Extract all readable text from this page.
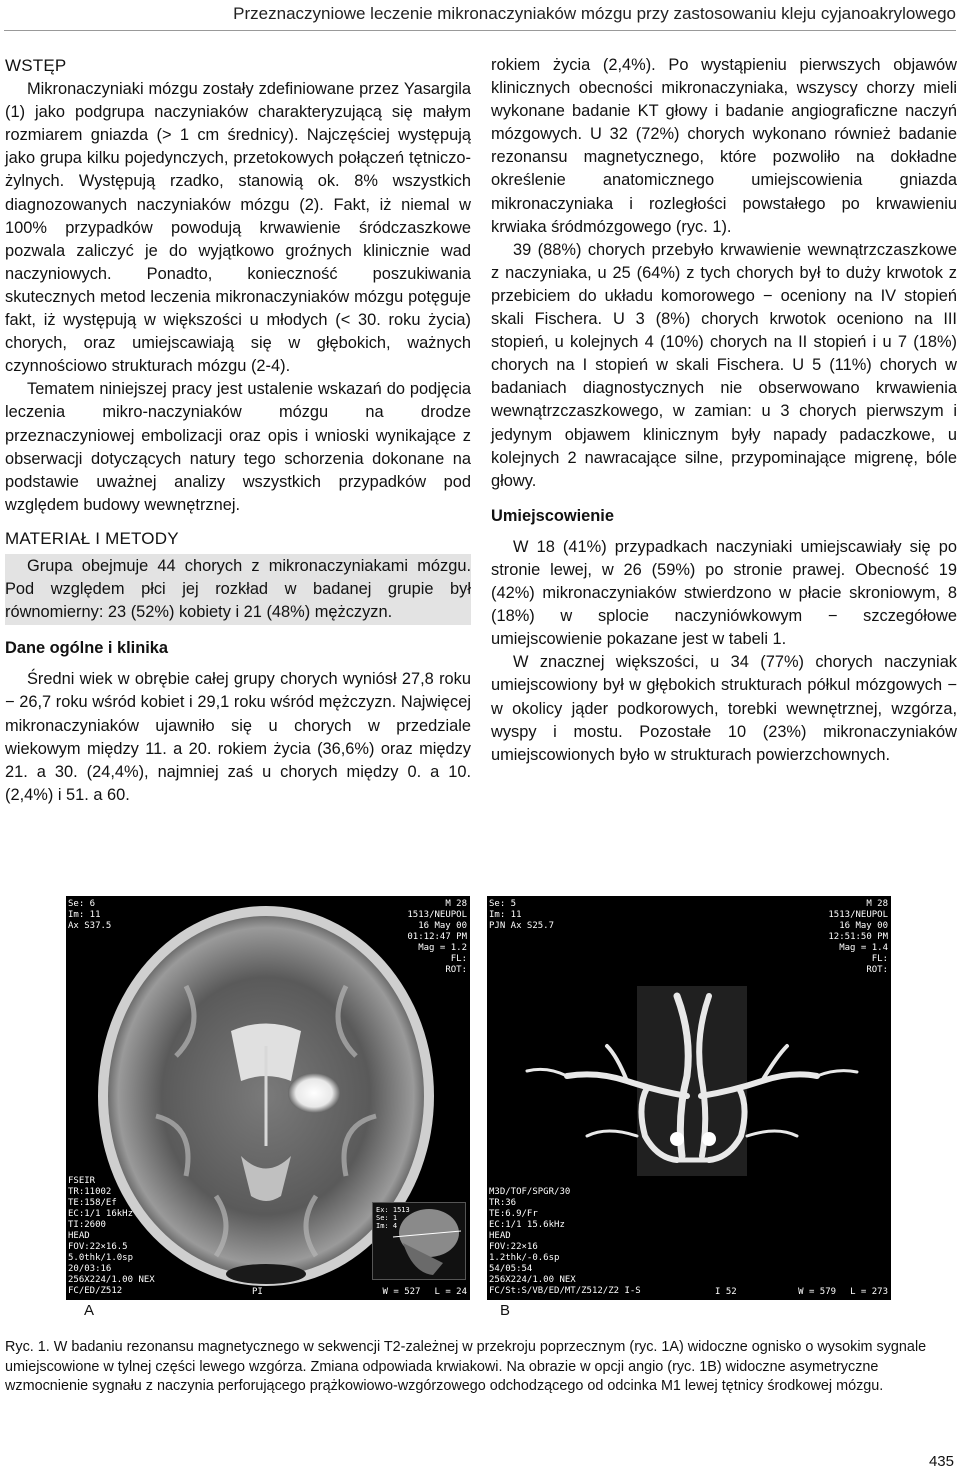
Przeznaczyniowe leczenie mikronaczyniaków mózgu przy zastosowaniu kleju cyjanoakrylowego
WSTĘP

Mikronaczyniaki mózgu zostały zdefiniowane przez Yasargila (1) jako podgrupa naczyniaków charakteryzującą się małym rozmiarem gniazda (> 1 cm średnicy). Najczęściej występują jako grupa kilku pojedynczych, przetokowych połączeń tętniczo-żylnych. Występują rzadko, stanowią ok. 8% wszystkich diagnozowanych naczyniaków mózgu (2). Fakt, iż niemal w 100% przypadków powodują krwawienie śródczaszkowe pozwala zaliczyć je do wyjątkowo groźnych klinicznie wad naczyniowych. Ponadto, konieczność poszukiwania skutecznych metod leczenia mikronaczyniaków mózgu potęguje fakt, iż występują w większości u młodych (< 30. roku życia) chorych, oraz umiejscawiają się w głębokich, ważnych czynnościowo strukturach mózgu (2-4).

Tematem niniejszej pracy jest ustalenie wskazań do podjęcia leczenia mikro-naczyniaków mózgu na drodze przeznaczyniowej embolizacji oraz opis i wnioski wynikające z obserwacji dotyczących natury tego schorzenia dokonane na podstawie uważnej analizy wszystkich przypadków pod względem budowy wewnętrznej.

MATERIAŁ I METODY

Grupa obejmuje 44 chorych z mikronaczyniakami mózgu. Pod względem płci jej rozkład w badanej grupie był równomierny: 23 (52%) kobiety i 21 (48%) mężczyzn.

Dane ogólne i klinika

Średni wiek w obrębie całej grupy chorych wyniósł 27,8 roku − 26,7 roku wśród kobiet i 29,1 roku wśród mężczyzn. Najwięcej mikronaczyniaków ujawniło się u chorych w przedziale wiekowym między 11. a 20. rokiem życia (36,6%) oraz między 21. a 30. (24,4%), najmniej zaś u chorych między 0. a 10. (2,4%) i 51. a 60.

rokiem życia (2,4%). Po wystąpieniu pierwszych objawów klinicznych obecności mikronaczyniaka, wszyscy chorzy mieli wykonane badanie KT głowy i badanie angiograficzne naczyń mózgowych. U 32 (72%) chorych wykonano również badanie rezonansu magnetycznego, które pozwoliło na dokładne określenie anatomicznego umiejscowienia gniazda mikronaczyniaka i rozległości powstałego po krwawieniu krwiaka śródmózgowego (ryc. 1).

39 (88%) chorych przebyło krwawienie wewnątrzczaszkowe z naczyniaka, u 25 (64%) z tych chorych był to duży krwotok z przebiciem do układu komorowego − oceniony na IV stopień skali Fischera. U 3 (8%) chorych krwotok oceniono na III stopień, u kolejnych 4 (10%) chorych na II stopień i u 7 (18%) chorych na I stopień w skali Fischera. U 5 (11%) chorych w badaniach diagnostycznych nie obserwowano krwawienia wewnątrzczaszkowego, w zamian: u 3 chorych pierwszym i jedynym objawem klinicznym były napady padaczkowe, u kolejnych 2 nawracające silne, przypominające migrenę, bóle głowy.

Umiejscowienie

W 18 (41%) przypadkach naczyniaki umiejscawiały się po stronie lewej, w 26 (59%) po stronie prawej. Obecność 19 (42%) mikronaczyniaków stwierdzono w płacie skroniowym, 8 (18%) w splocie naczyniówkowym − szczegółowe umiejscowienie pokazane jest w tabeli 1.

W znacznej większości, u 34 (77%) chorych naczyniak umiejscowiony był w głębokich strukturach półkul mózgowych − w okolicy jąder podkorowych, torebki wewnętrznej, wzgórza, wyspy i mostu. Pozostałe 10 (23%) mikronaczyniaków umiejscowionych było w strukturach powierzchownych.

Se: 6
Im: 11
Ax S37.5
M 28
1513/NEUPOL
16 May 00
01:12:47 PM
Mag = 1.2
FL:
ROT:
FSEIR
TR:11002
TE:158/Ef
EC:1/1 16kHz
TI:2600
HEAD
FOV:22×16.5
5.0thk/1.0sp
20/03:16
256X224/1.00 NEX
FC/ED/Z512	PI	W = 527 L = 24
Ex: 1513
Se: 1
Im: 4
Se: 5
Im: 11
PJN Ax S25.7
M 28
1513/NEUPOL
16 May 00
12:51:50 PM
Mag = 1.4
FL:
ROT:
M3D/TOF/SPGR/30
TR:36
TE:6.9/Fr
EC:1/1 15.6kHz
HEAD
FOV:22×16
1.2thk/-0.6sp
54/05:54
256X224/1.00 NEX
FC/St:S/VB/ED/MT/Z512/Z2 I-S	I 52	W = 579 L = 273
A	B
Ryc. 1. W badaniu rezonansu magnetycznego w sekwencji T2-zależnej w przekroju poprzecznym (ryc. 1A) widoczne ognisko o wysokim sygnale umiejscowione w tylnej części lewego wzgórza. Zmiana odpowiada krwiakowi. Na obrazie w opcji angio (ryc. 1B) widoczne asymetryczne wzmocnienie sygnału z naczynia perforującego prążkowiowo-wzgórzowego odchodzącego od odcinka M1 lewej tętnicy środkowej mózgu.
435
